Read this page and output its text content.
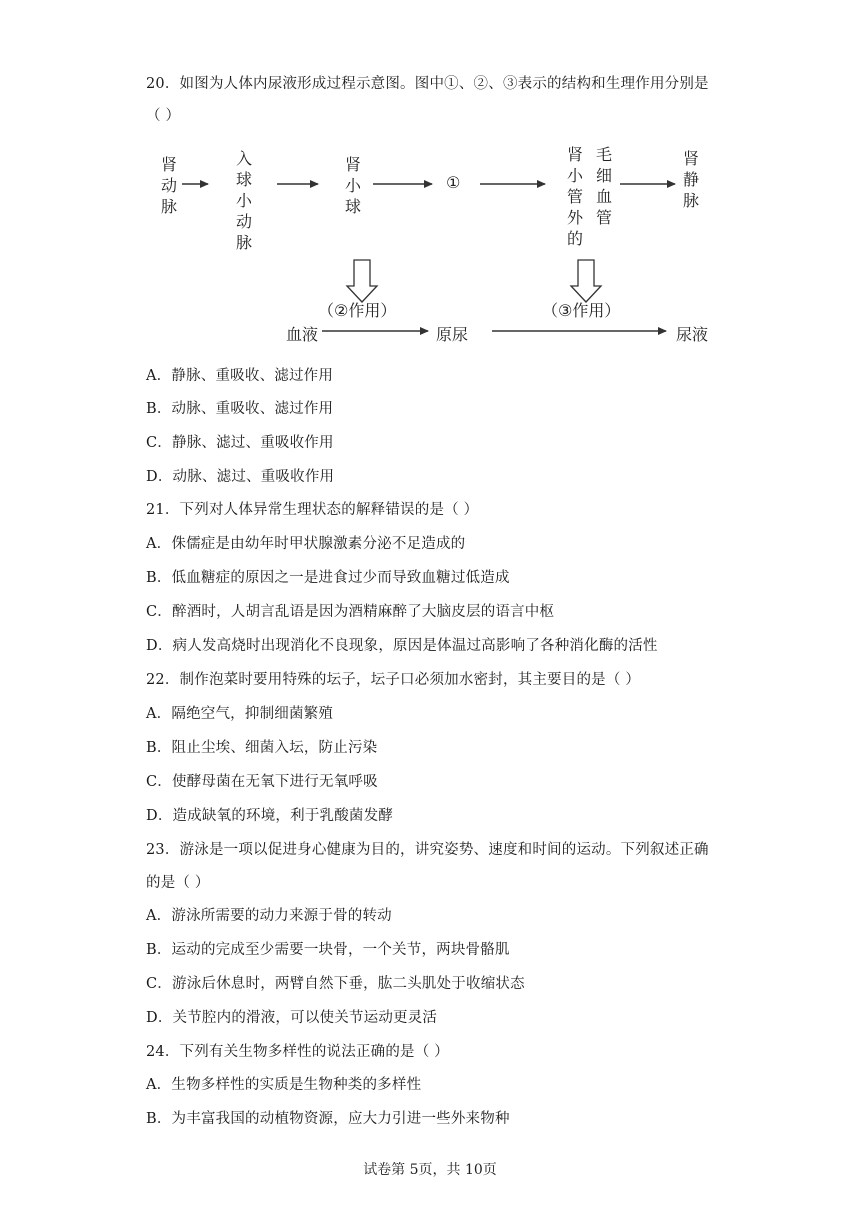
20．如图为人体内尿液形成过程示意图。图中①、②、③表示的结构和生理作用分别是
（ ）
肾动脉
入球小动脉
肾小球
①
毛细血管
肾小管外的
肾静脉
（②作用）	（③作用）
血液	原尿	尿液
A．静脉、重吸收、滤过作用
B．动脉、重吸收、滤过作用
C．静脉、滤过、重吸收作用
D．动脉、滤过、重吸收作用
21．下列对人体异常生理状态的解释错误的是（ ）
A．侏儒症是由幼年时甲状腺激素分泌不足造成的
B．低血糖症的原因之一是进食过少而导致血糖过低造成
C．醉酒时，人胡言乱语是因为酒精麻醉了大脑皮层的语言中枢
D．病人发高烧时出现消化不良现象，原因是体温过高影响了各种消化酶的活性
22．制作泡菜时要用特殊的坛子，坛子口必须加水密封，其主要目的是（ ）
A．隔绝空气，抑制细菌繁殖
B．阻止尘埃、细菌入坛，防止污染
C．使酵母菌在无氧下进行无氧呼吸
D．造成缺氧的环境，利于乳酸菌发酵
23．游泳是一项以促进身心健康为目的，讲究姿势、速度和时间的运动。下列叙述正确
的是（ ）
A．游泳所需要的动力来源于骨的转动
B．运动的完成至少需要一块骨，一个关节，两块骨骼肌
C．游泳后休息时，两臂自然下垂，肱二头肌处于收缩状态
D．关节腔内的滑液，可以使关节运动更灵活
24．下列有关生物多样性的说法正确的是（ ）
A．生物多样性的实质是生物种类的多样性
B．为丰富我国的动植物资源，应大力引进一些外来物种
试卷第 5页，共 10页
